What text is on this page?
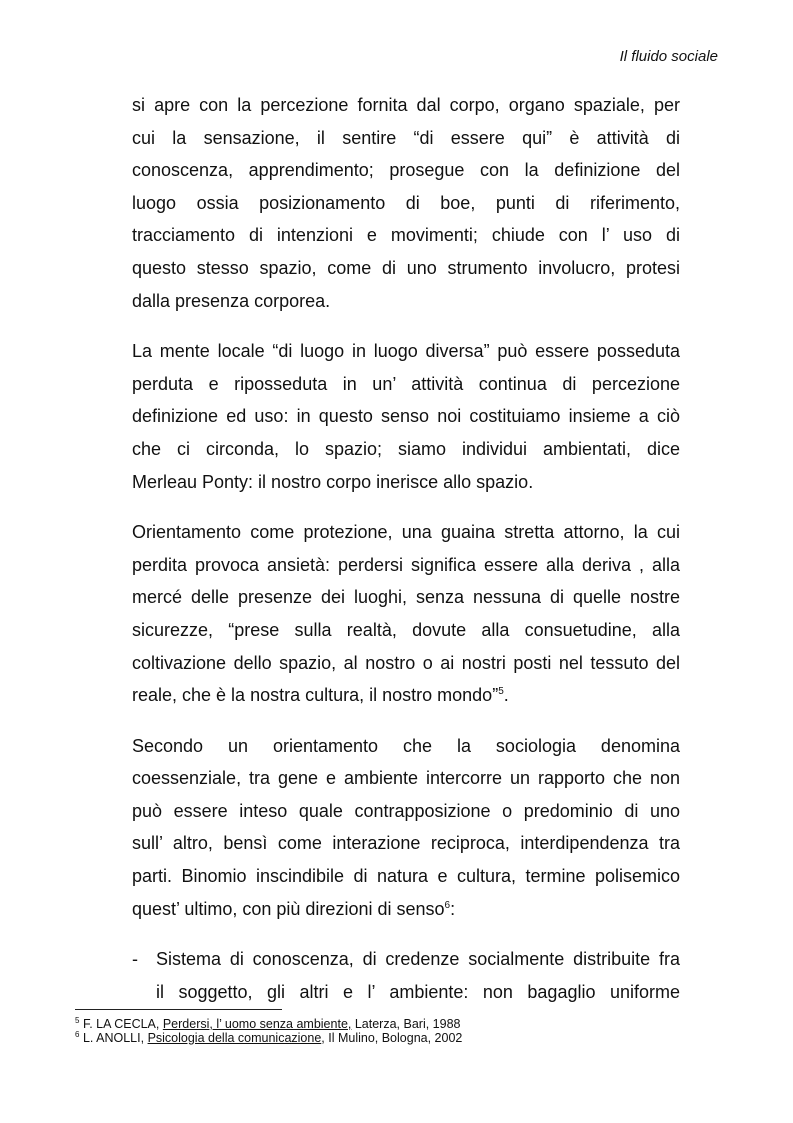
Il fluido sociale

si apre con la percezione fornita dal corpo, organo spaziale, per
cui la sensazione, il sentire “di essere qui” è attività di
conoscenza, apprendimento; prosegue con la definizione del
luogo ossia posizionamento di boe, punti di riferimento,
tracciamento di intenzioni e movimenti; chiude con l’ uso di
questo stesso spazio, come di uno strumento involucro, protesi
dalla presenza corporea.

La mente locale “di luogo in luogo diversa” può essere posseduta
perduta e riposseduta in un’ attività continua di percezione
definizione ed uso: in questo senso noi costituiamo insieme a ciò
che ci circonda, lo spazio; siamo individui ambientati, dice
Merleau Ponty: il nostro corpo inerisce allo spazio.

Orientamento come protezione, una guaina stretta attorno, la cui
perdita provoca ansietà: perdersi significa essere alla deriva , alla
mercé delle presenze dei luoghi, senza nessuna di quelle nostre
sicurezze, “prese sulla realtà, dovute alla consuetudine, alla
coltivazione dello spazio, al nostro o ai nostri posti nel tessuto del
reale, che è la nostra cultura, il nostro mondo”$^5$.

Secondo un orientamento che la sociologia denomina
coessenziale, tra gene e ambiente intercorre un rapporto che non
può essere inteso quale contrapposizione o predominio di uno
sull’ altro, bensì come interazione reciproca, interdipendenza tra
parti. Binomio inscindibile di natura e cultura, termine polisemico
quest’ ultimo, con più direzioni di senso$^6$:

- Sistema di conoscenza, di credenze socialmente distribuite fra
il soggetto, gli altri e l’ ambiente: non bagaglio uniforme
$^5$ F. LA CECLA, Perdersi, l’ uomo senza ambiente, Laterza, Bari, 1988
$^6$ L. ANOLLI, Psicologia della comunicazione, Il Mulino, Bologna, 2002
